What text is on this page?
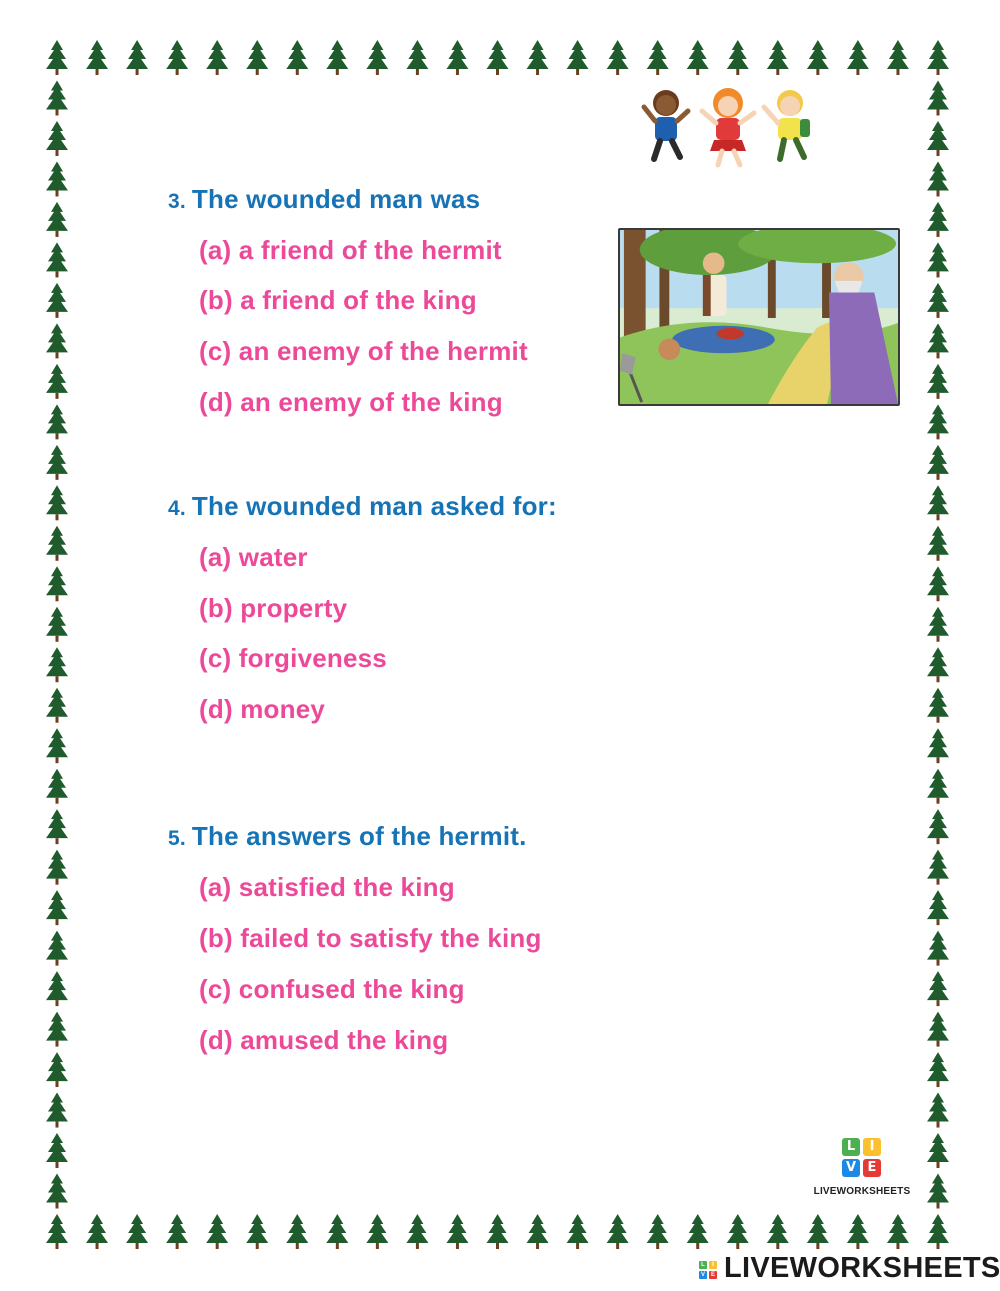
3. The wounded man was
(a) a friend of the hermit
(b) a friend of the king
(c) an enemy of the hermit
(d) an enemy of the king
4. The wounded man asked for:
(a) water
(b) property
(c) forgiveness
(d) money
5. The answers of the hermit.
(a) satisfied the king
(b) failed to satisfy the king
(c) confused the king
(d) amused the king
L	I
V E
LIVEWORKSHEETS
L	I
V E LIVEWORKSHEETS
